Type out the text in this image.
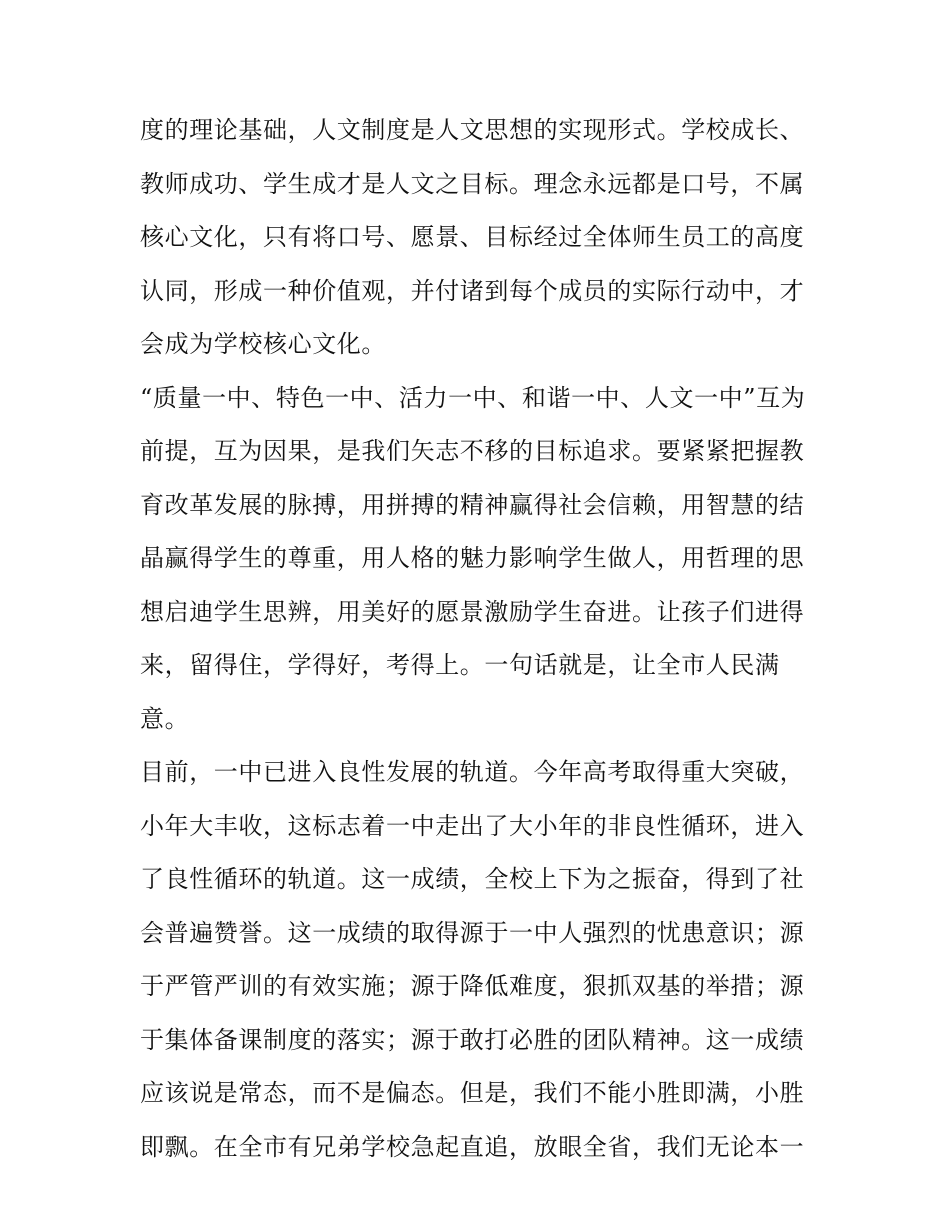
度的理论基础，人文制度是人文思想的实现形式。学校成长、
教师成功、学生成才是人文之目标。理念永远都是口号，不属
核心文化，只有将口号、愿景、目标经过全体师生员工的高度
认同，形成一种价值观，并付诸到每个成员的实际行动中，才
会成为学校核心文化。
“质量一中、特色一中、活力一中、和谐一中、人文一中”互为
前提，互为因果，是我们矢志不移的目标追求。要紧紧把握教
育改革发展的脉搏，用拼搏的精神赢得社会信赖，用智慧的结
晶赢得学生的尊重，用人格的魅力影响学生做人，用哲理的思
想启迪学生思辨，用美好的愿景激励学生奋进。让孩子们进得
来，留得住，学得好，考得上。一句话就是，让全市人民满
意。
目前，一中已进入良性发展的轨道。今年高考取得重大突破，
小年大丰收，这标志着一中走出了大小年的非良性循环，进入
了良性循环的轨道。这一成绩，全校上下为之振奋，得到了社
会普遍赞誉。这一成绩的取得源于一中人强烈的忧患意识；源
于严管严训的有效实施；源于降低难度，狠抓双基的举措；源
于集体备课制度的落实；源于敢打必胜的团队精神。这一成绩
应该说是常态，而不是偏态。但是，我们不能小胜即满，小胜
即飘。在全市有兄弟学校急起直追，放眼全省，我们无论本一
